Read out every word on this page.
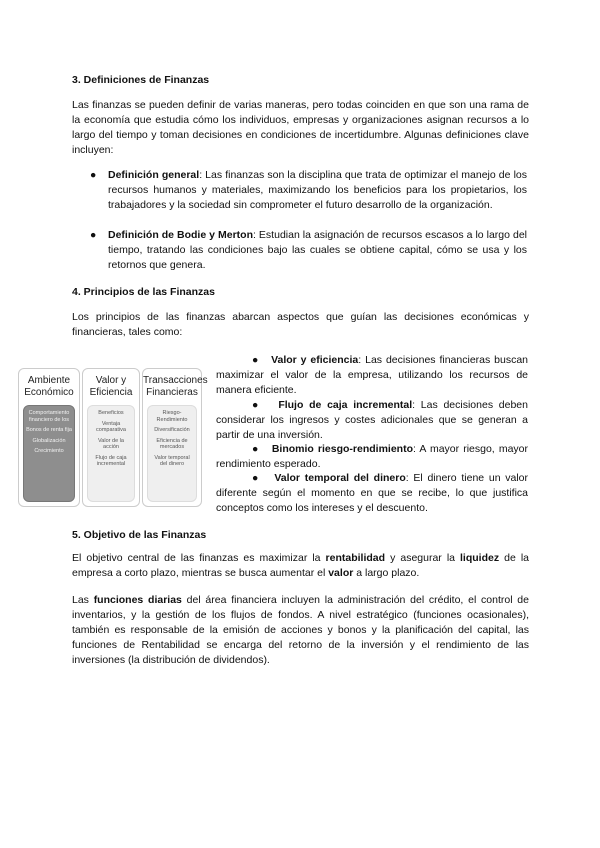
3. Definiciones de Finanzas

Las finanzas se pueden definir de varias maneras, pero todas coinciden en que son una rama de la economía que estudia cómo los individuos, empresas y organizaciones asignan recursos a lo largo del tiempo y toman decisiones en condiciones de incertidumbre. Algunas definiciones clave incluyen:

● Definición general: Las finanzas son la disciplina que trata de optimizar el manejo de los recursos humanos y materiales, maximizando los beneficios para los propietarios, los trabajadores y la sociedad sin comprometer el futuro desarrollo de la organización.

● Definición de Bodie y Merton: Estudian la asignación de recursos escasos a lo largo del tiempo, tratando las condiciones bajo las cuales se obtiene capital, cómo se usa y los retornos que genera.

4. Principios de las Finanzas

Los principios de las finanzas abarcan aspectos que guían las decisiones económicas y financieras, tales como:

Ambiente Económico
Comportamiento financiero de los
Bonos de renta fija
Globalización
Crecimiento
Valor y Eficiencia
Beneficios
Ventaja comparativa
Valor de la acción
Flujo de caja incremental
Transacciones Financieras
Riesgo-Rendimiento
Diversificación
Eficiencia de mercados
Valor temporal del dinero

● Valor y eficiencia: Las decisiones financieras buscan maximizar el valor de la empresa, utilizando los recursos de manera eficiente.

● Flujo de caja incremental: Las decisiones deben considerar los ingresos y costes adicionales que se generan a partir de una inversión.

● Binomio riesgo-rendimiento: A mayor riesgo, mayor rendimiento esperado.

● Valor temporal del dinero: El dinero tiene un valor diferente según el momento en que se recibe, lo que justifica conceptos como los intereses y el descuento.

5. Objetivo de las Finanzas

El objetivo central de las finanzas es maximizar la rentabilidad y asegurar la liquidez de la empresa a corto plazo, mientras se busca aumentar el valor a largo plazo.

Las funciones diarias del área financiera incluyen la administración del crédito, el control de inventarios, y la gestión de los flujos de fondos. A nivel estratégico (funciones ocasionales), también es responsable de la emisión de acciones y bonos y la planificación del capital, las funciones de Rentabilidad se encarga del retorno de la inversión y el rendimiento de las inversiones (la distribución de dividendos).
